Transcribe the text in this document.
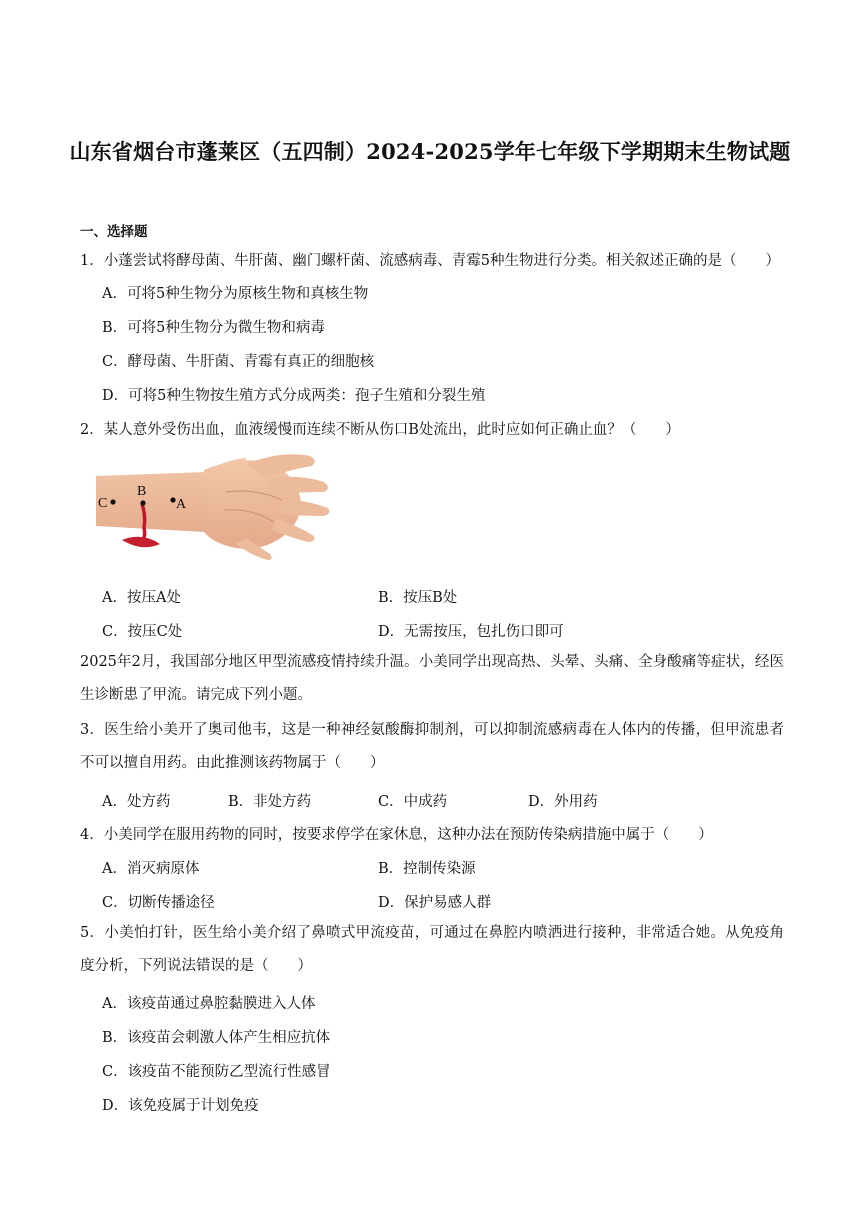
山东省烟台市蓬莱区（五四制）2024-2025学年七年级下学期期末生物试题
一、选择题
1．小蓬尝试将酵母菌、牛肝菌、幽门螺杆菌、流感病毒、青霉5种生物进行分类。相关叙述正确的是（　　）
A．可将5种生物分为原核生物和真核生物
B．可将5种生物分为微生物和病毒
C．酵母菌、牛肝菌、青霉有真正的细胞核
D．可将5种生物按生殖方式分成两类：孢子生殖和分裂生殖
2．某人意外受伤出血，血液缓慢而连续不断从伤口B处流出，此时应如何正确止血？（　　）
C
B
A
A．按压A处	B．按压B处
C．按压C处	D．无需按压，包扎伤口即可
2025年2月，我国部分地区甲型流感疫情持续升温。小美同学出现高热、头晕、头痛、全身酸痛等症状，经医生诊断患了甲流。请完成下列小题。
3．医生给小美开了奥司他韦，这是一种神经氨酸酶抑制剂，可以抑制流感病毒在人体内的传播，但甲流患者不可以擅自用药。由此推测该药物属于（　　）
A．处方药	B．非处方药	C．中成药	D．外用药
4．小美同学在服用药物的同时，按要求停学在家休息，这种办法在预防传染病措施中属于（　　）
A．消灭病原体	B．控制传染源
C．切断传播途径	D．保护易感人群
5．小美怕打针，医生给小美介绍了鼻喷式甲流疫苗，可通过在鼻腔内喷洒进行接种，非常适合她。从免疫角度分析，下列说法错误的是（　　）
A．该疫苗通过鼻腔黏膜进入人体
B．该疫苗会刺激人体产生相应抗体
C．该疫苗不能预防乙型流行性感冒
D．该免疫属于计划免疫
